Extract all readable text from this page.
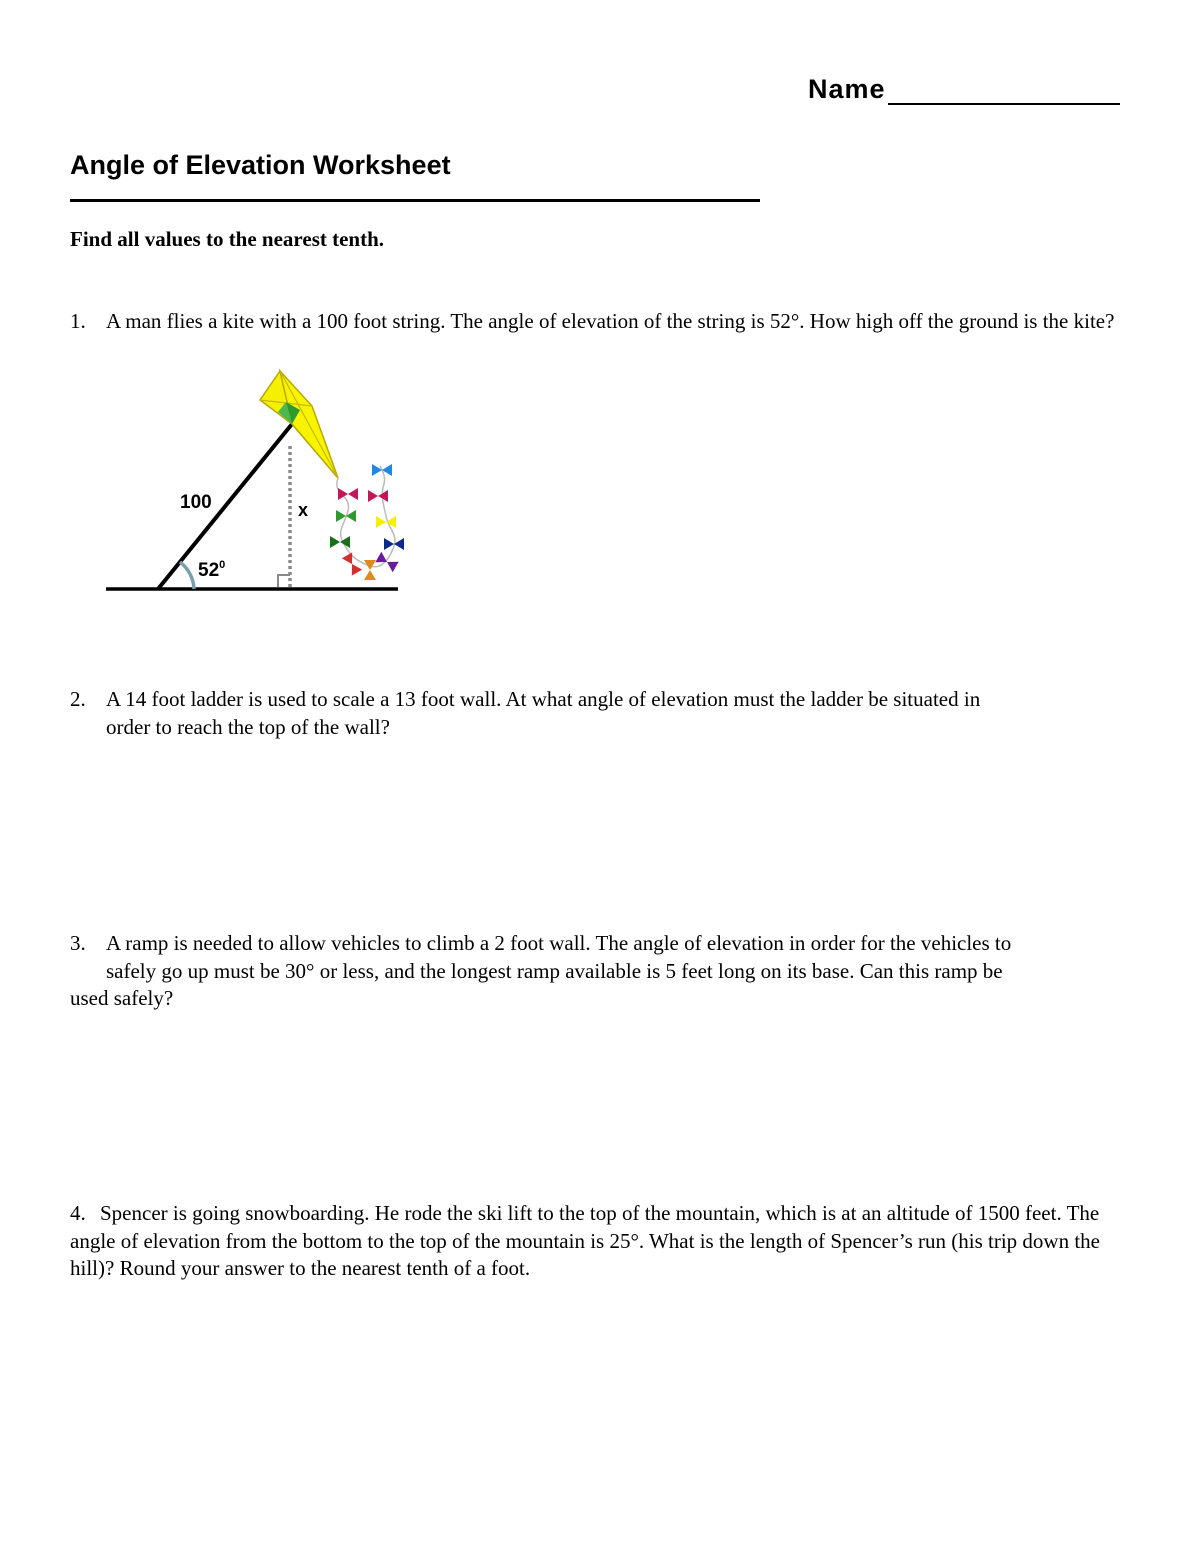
Name
Angle of Elevation Worksheet

Find all values to the nearest tenth.

1. A man flies a kite with a 100 foot string. The angle of elevation of the string is 52°. How high off the ground is the kite?

100	x
$52^0$

2. A 14 foot ladder is used to scale a 13 foot wall. At what angle of elevation must the ladder be situated in
order to reach the top of the wall?

3. A ramp is needed to allow vehicles to climb a 2 foot wall. The angle of elevation in order for the vehicles to
safely go up must be 30° or less, and the longest ramp available is 5 feet long on its base. Can this ramp be
used safely?

4. Spencer is going snowboarding. He rode the ski lift to the top of the mountain, which is at an altitude of 1500 feet. The angle of elevation from the bottom to the top of the mountain is 25°. What is the length of Spencer’s run (his trip down the hill)? Round your answer to the nearest tenth of a foot.
